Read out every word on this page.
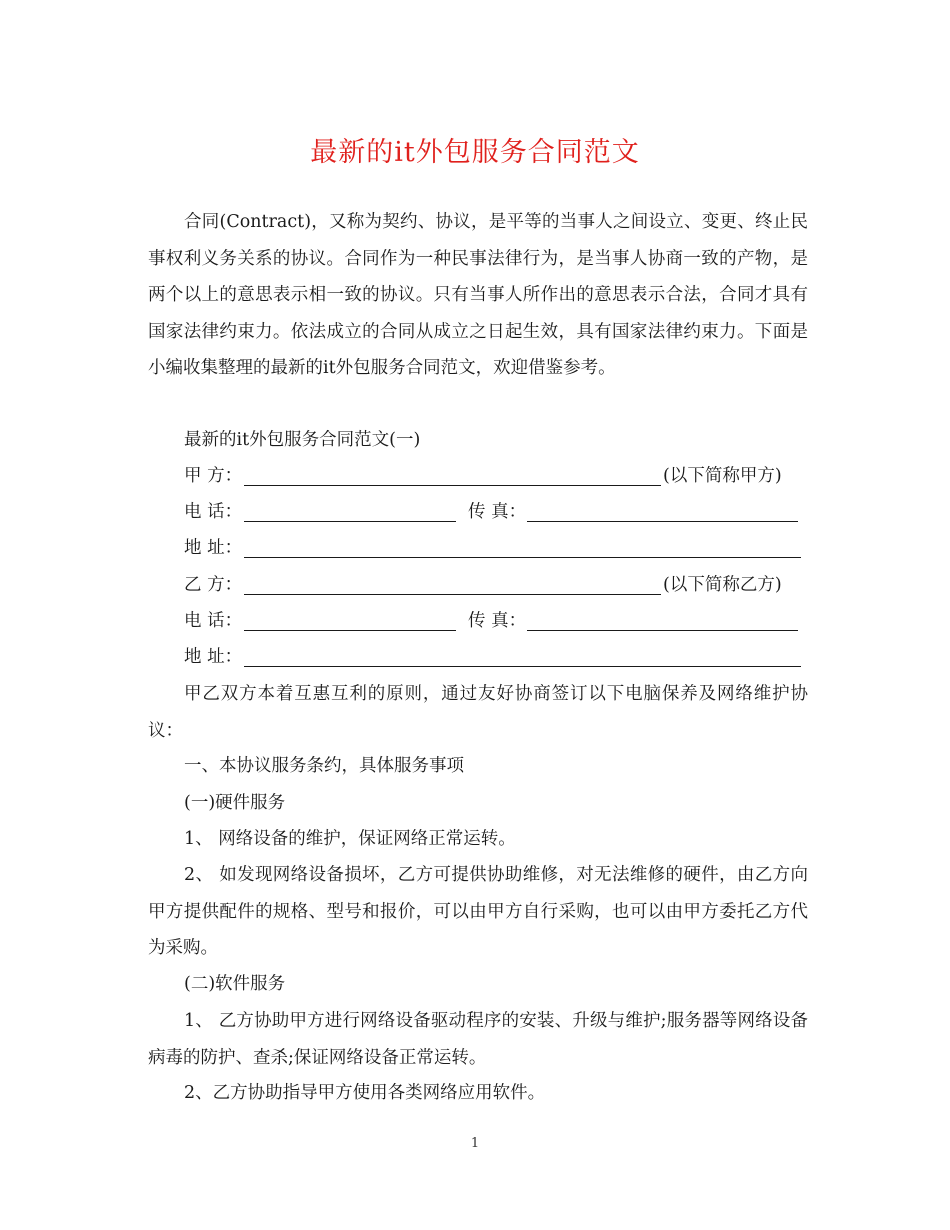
最新的it外包服务合同范文

合同(Contract)，又称为契约、协议，是平等的当事人之间设立、变更、终止民事权利义务关系的协议。合同作为一种民事法律行为，是当事人协商一致的产物，是两个以上的意思表示相一致的协议。只有当事人所作出的意思表示合法，合同才具有国家法律约束力。依法成立的合同从成立之日起生效，具有国家法律约束力。下面是小编收集整理的最新的it外包服务合同范文，欢迎借鉴参考。

最新的it外包服务合同范文(一)

甲 方：	(以下简称甲方)
电 话：	传 真：
地 址：
乙 方：	(以下简称乙方)
电 话：	传 真：
地 址：

甲乙双方本着互惠互利的原则，通过友好协商签订以下电脑保养及网络维护协议：

一、本协议服务条约，具体服务事项

(一)硬件服务

1、 网络设备的维护，保证网络正常运转。

2、 如发现网络设备损坏，乙方可提供协助维修，对无法维修的硬件，由乙方向甲方提供配件的规格、型号和报价，可以由甲方自行采购，也可以由甲方委托乙方代为采购。

(二)软件服务

1、 乙方协助甲方进行网络设备驱动程序的安装、升级与维护;服务器等网络设备病毒的防护、查杀;保证网络设备正常运转。

2、乙方协助指导甲方使用各类网络应用软件。

1
